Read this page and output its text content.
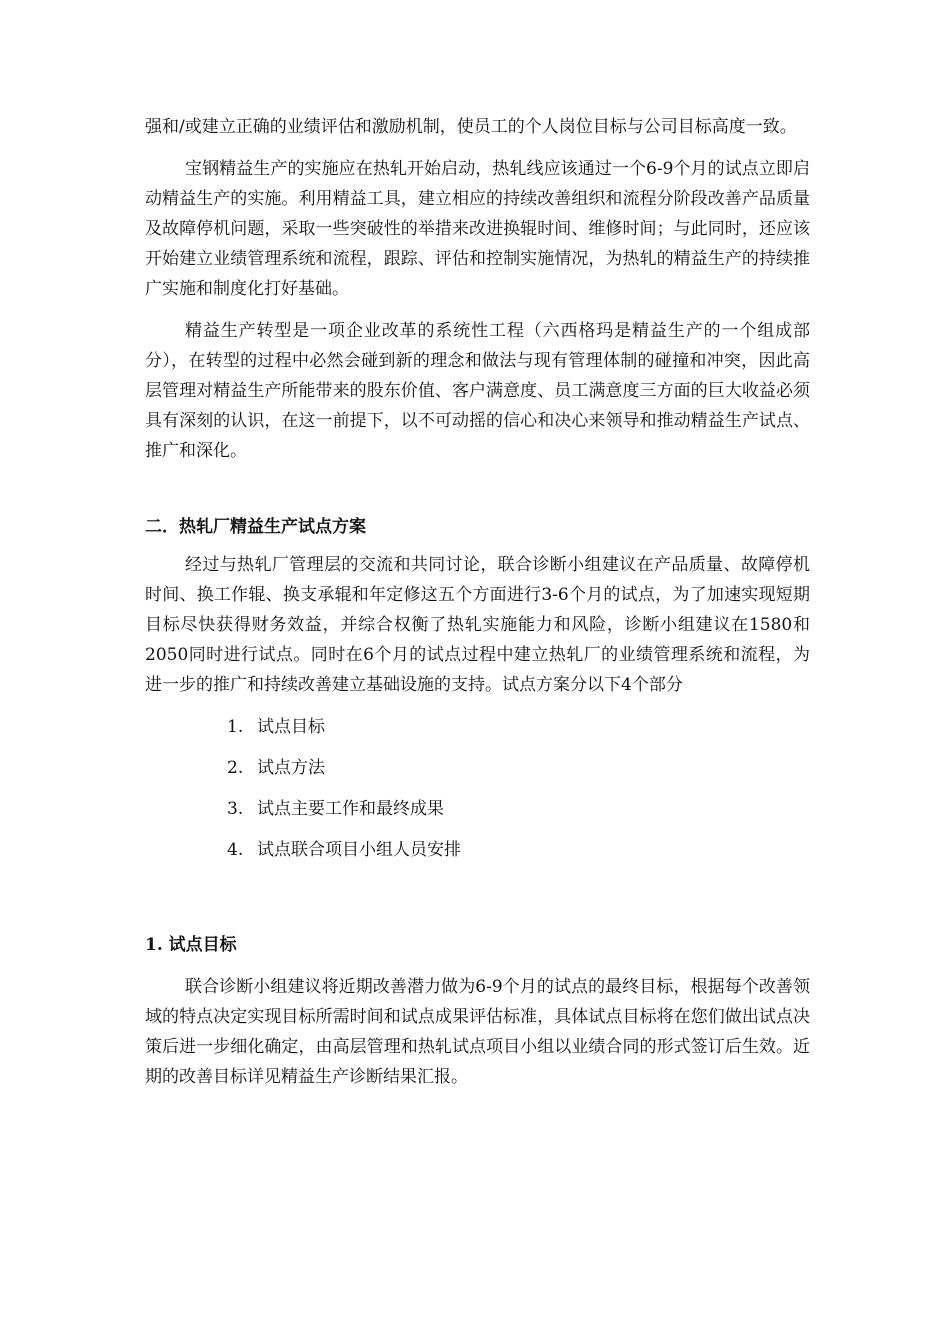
强和/或建立正确的业绩评估和激励机制，使员工的个人岗位目标与公司目标高度一致。

宝钢精益生产的实施应在热轧开始启动，热轧线应该通过一个6-9个月的试点立即启动精益生产的实施。利用精益工具，建立相应的持续改善组织和流程分阶段改善产品质量及故障停机问题，采取一些突破性的举措来改进换辊时间、维修时间；与此同时，还应该开始建立业绩管理系统和流程，跟踪、评估和控制实施情况，为热轧的精益生产的持续推广实施和制度化打好基础。

精益生产转型是一项企业改革的系统性工程（六西格玛是精益生产的一个组成部分），在转型的过程中必然会碰到新的理念和做法与现有管理体制的碰撞和冲突，因此高层管理对精益生产所能带来的股东价值、客户满意度、员工满意度三方面的巨大收益必须具有深刻的认识，在这一前提下，以不可动摇的信心和决心来领导和推动精益生产试点、推广和深化。

二．热轧厂精益生产试点方案

经过与热轧厂管理层的交流和共同讨论，联合诊断小组建议在产品质量、故障停机时间、换工作辊、换支承辊和年定修这五个方面进行3-6个月的试点，为了加速实现短期目标尽快获得财务效益，并综合权衡了热轧实施能力和风险，诊断小组建议在1580和2050同时进行试点。同时在6个月的试点过程中建立热轧厂的业绩管理系统和流程，为进一步的推广和持续改善建立基础设施的支持。试点方案分以下4个部分

1. 试点目标
2. 试点方法
3. 试点主要工作和最终成果
4. 试点联合项目小组人员安排
1. 试点目标

联合诊断小组建议将近期改善潜力做为6-9个月的试点的最终目标，根据每个改善领域的特点决定实现目标所需时间和试点成果评估标准，具体试点目标将在您们做出试点决策后进一步细化确定，由高层管理和热轧试点项目小组以业绩合同的形式签订后生效。近期的改善目标详见精益生产诊断结果汇报。
